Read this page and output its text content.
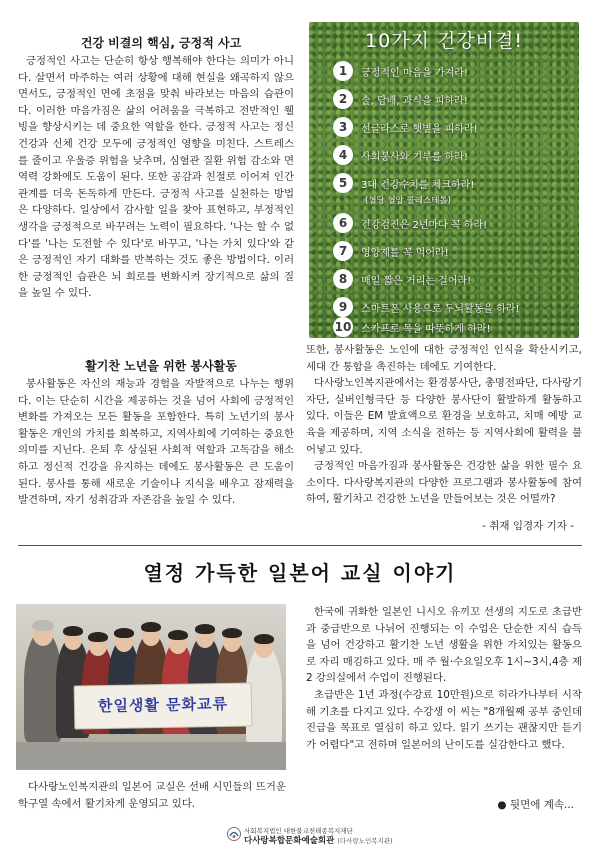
건강 비결의 핵심, 긍정적 사고

긍정적인 사고는 단순히 항상 행복해야 한다는 의미가 아니다. 살면서 마주하는 여러 상황에 대해 현실을 왜곡하지 않으면서도, 긍정적인 면에 초점을 맞춰 바라보는 마음의 습관이다. 이러한 마음가짐은 삶의 어려움을 극복하고 전반적인 웰빙을 향상시키는 데 중요한 역할을 한다. 긍정적 사고는 정신 건강과 신체 건강 모두에 긍정적인 영향을 미친다. 스트레스를 줄이고 우울증 위험을 낮추며, 심혈관 질환 위험 감소와 면역력 강화에도 도움이 된다. 또한 공감과 친절로 이어져 인간관계를 더욱 돈독하게 만든다. 긍정적 사고를 실천하는 방법은 다양하다. 일상에서 감사할 일을 찾아 표현하고, 부정적인 생각을 긍정적으로 바꾸려는 노력이 필요하다. '나는 할 수 없다'를 '나는 도전할 수 있다'로 바꾸고, '나는 가치 있다'와 같은 긍정적인 자기 대화를 반복하는 것도 좋은 방법이다. 이러한 긍정적인 습관은 뇌 회로를 변화시켜 장기적으로 삶의 질을 높일 수 있다.

활기찬 노년을 위한 봉사활동

봉사활동은 자신의 재능과 경험을 자발적으로 나누는 행위다. 이는 단순히 시간을 제공하는 것을 넘어 사회에 긍정적인 변화를 가져오는 모든 활동을 포함한다. 특히 노년기의 봉사활동은 개인의 가치를 회복하고, 지역사회에 기여하는 중요한 의미를 지닌다. 은퇴 후 상실된 사회적 역할과 고독감을 해소하고 정신적 건강을 유지하는 데에도 봉사활동은 큰 도움이 된다. 봉사를 통해 새로운 기술이나 지식을 배우고 잠재력을 발견하며, 자기 성취감과 자존감을 높일 수 있다.

10가지 건강비결!
1	긍정적인 마음을 가져라!
2	술, 담배, 과식을 피하라!
3	선글라스로 햇볕을 피하라!
4	사회봉사와 기부를 하라!
5	3대 건강수치를 체크하라!
(혈당 혈압 콜레스테롤)
6	건강검진은 2년마다 꼭 하라!
7	영양제를 꼭 먹어라!
8	매일 짧은 거리는 걸어라!
9	스마트폰 사용으로 두뇌활동을 하라!
10 스카프로 목을 따뜻하게 하라!

또한, 봉사활동은 노인에 대한 긍정적인 인식을 확산시키고, 세대 간 통합을 촉진하는 데에도 기여한다.

다사랑노인복지관에서는 환경봉사단, 총명전파단, 다사랑기자단, 실버인형극단 등 다양한 봉사단이 활발하게 활동하고 있다. 이들은 EM 발효액으로 환경을 보호하고, 치매 예방 교육을 제공하며, 지역 소식을 전하는 등 지역사회에 활력을 불어넣고 있다.

긍정적인 마음가짐과 봉사활동은 건강한 삶을 위한 필수 요소이다. 다사랑복지관의 다양한 프로그램과 봉사활동에 참여하여, 활기차고 건강한 노년을 만들어보는 것은 어떨까?

- 취재 임경자 기자 -
열정 가득한 일본어 교실 이야기
한일생활 문화교류

다사랑노인복지관의 일본어 교실은 선배 시민들의 뜨거운 학구열 속에서 활기차게 운영되고 있다.

한국에 귀화한 일본인 니시오 유끼꼬 선생의 지도로 초급반과 중급반으로 나뉘어 진행되는 이 수업은 단순한 지식 습득을 넘어 건강하고 활기찬 노년 생활을 위한 가치있는 활동으로 자리 매김하고 있다. 매 주 월·수요일오후 1시~3시,4층 제 2 강의실에서 수업이 진행된다.

초급반은 1년 과정(수강료 10만원)으로 히라가나부터 시작해 기초를 다지고 있다. 수강생 이 씨는 "8개월째 공부 중인데 진급을 목표로 열심히 하고 있다. 읽기 쓰기는 괜찮지만 듣기가 어렵다"고 전하며 일본어의 난이도를 실감한다고 했다.

● 뒷면에 계속...
사회복지법인 대한불교천태종복지재단
다사랑복합문화예술회관 (다사랑노인복지관)
